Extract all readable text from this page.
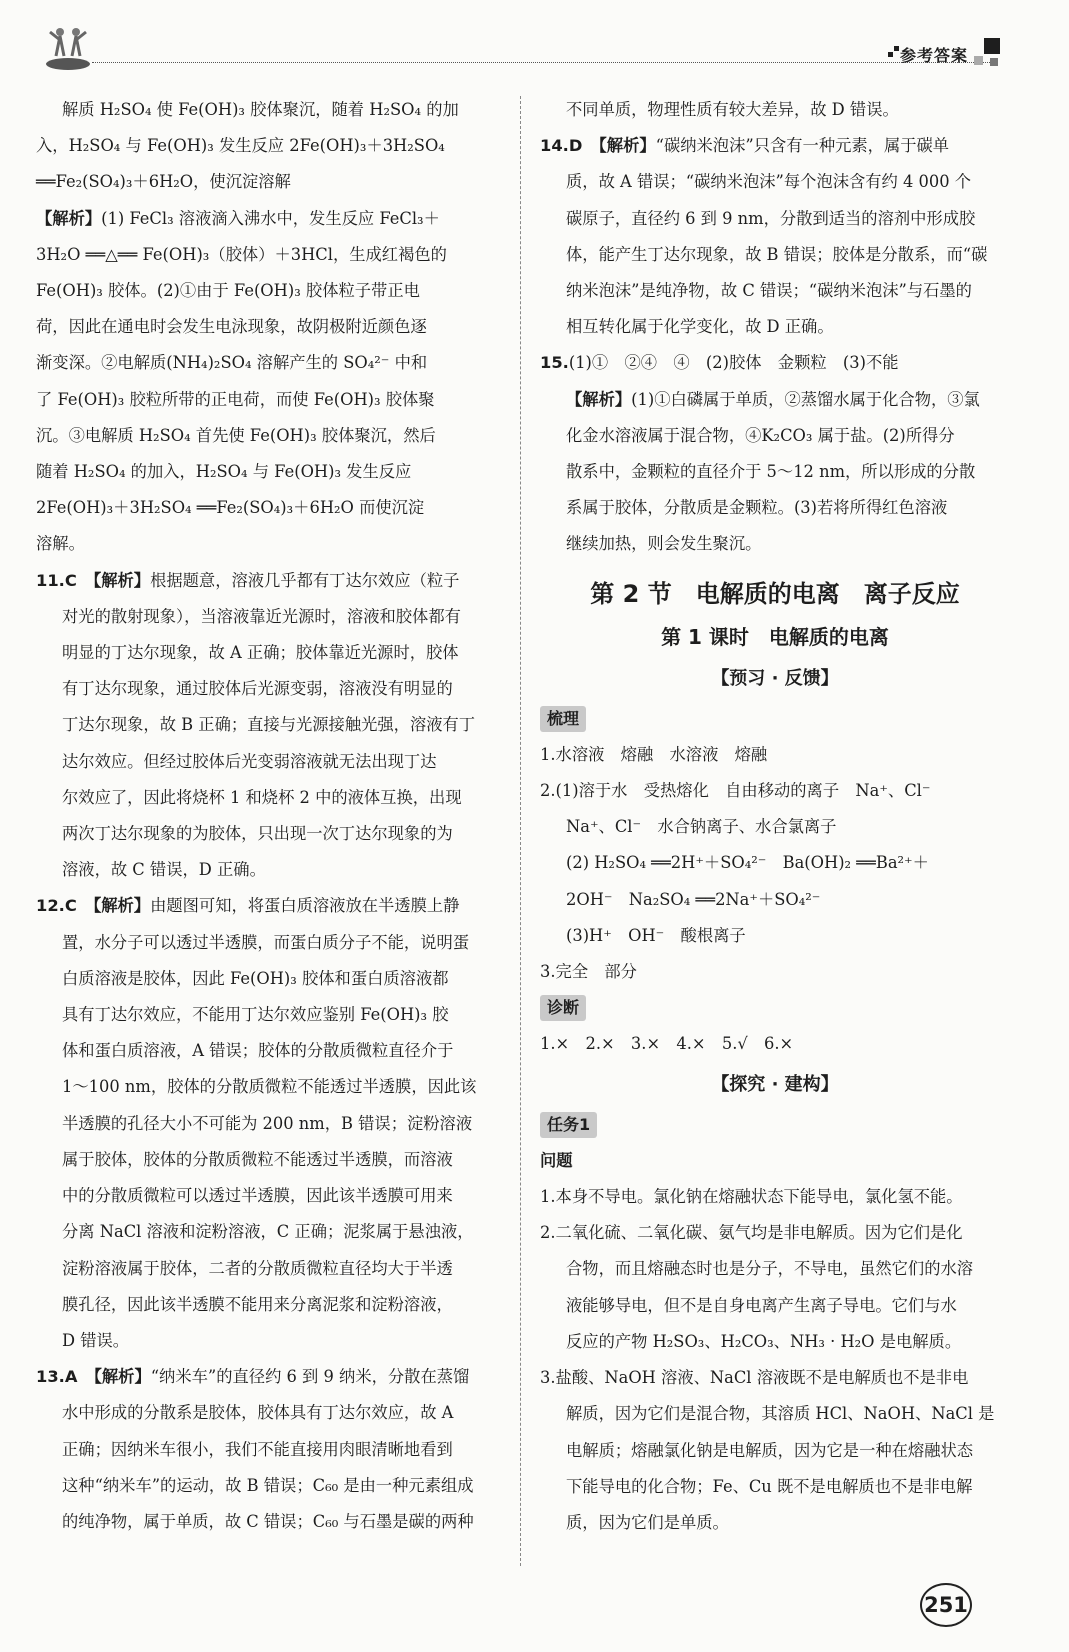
参考答案

解质 H₂SO₄ 使 Fe(OH)₃ 胶体聚沉，随着 H₂SO₄ 的加

入，H₂SO₄ 与 Fe(OH)₃ 发生反应 2Fe(OH)₃＋3H₂SO₄

══Fe₂(SO₄)₃＋6H₂O，使沉淀溶解

【解析】(1) FeCl₃ 溶液滴入沸水中，发生反应 FeCl₃＋

3H₂O ══△══ Fe(OH)₃（胶体）＋3HCl，生成红褐色的

Fe(OH)₃ 胶体。(2)①由于 Fe(OH)₃ 胶体粒子带正电

荷，因此在通电时会发生电泳现象，故阴极附近颜色逐

渐变深。②电解质(NH₄)₂SO₄ 溶解产生的 SO₄²⁻ 中和

了 Fe(OH)₃ 胶粒所带的正电荷，而使 Fe(OH)₃ 胶体聚

沉。③电解质 H₂SO₄ 首先使 Fe(OH)₃ 胶体聚沉，然后

随着 H₂SO₄ 的加入，H₂SO₄ 与 Fe(OH)₃ 发生反应

2Fe(OH)₃＋3H₂SO₄ ══Fe₂(SO₄)₃＋6H₂O 而使沉淀

溶解。

11.C　 【解析】根据题意，溶液几乎都有丁达尔效应（粒子

对光的散射现象），当溶液靠近光源时，溶液和胶体都有

明显的丁达尔现象，故 A 正确；胶体靠近光源时，胶体

有丁达尔现象，通过胶体后光源变弱，溶液没有明显的

丁达尔现象，故 B 正确；直接与光源接触光强，溶液有丁

达尔效应。但经过胶体后光变弱溶液就无法出现丁达

尔效应了，因此将烧杯 1 和烧杯 2 中的液体互换，出现

两次丁达尔现象的为胶体，只出现一次丁达尔现象的为

溶液，故 C 错误，D 正确。

12.C　 【解析】由题图可知，将蛋白质溶液放在半透膜上静

置，水分子可以透过半透膜，而蛋白质分子不能，说明蛋

白质溶液是胶体，因此 Fe(OH)₃ 胶体和蛋白质溶液都

具有丁达尔效应，不能用丁达尔效应鉴别 Fe(OH)₃ 胶

体和蛋白质溶液，A 错误；胶体的分散质微粒直径介于

1～100 nm，胶体的分散质微粒不能透过半透膜，因此该

半透膜的孔径大小不可能为 200 nm，B 错误；淀粉溶液

属于胶体，胶体的分散质微粒不能透过半透膜，而溶液

中的分散质微粒可以透过半透膜，因此该半透膜可用来

分离 NaCl 溶液和淀粉溶液，C 正确；泥浆属于悬浊液，

淀粉溶液属于胶体，二者的分散质微粒直径均大于半透

膜孔径，因此该半透膜不能用来分离泥浆和淀粉溶液，

D 错误。

13.A　 【解析】“纳米车”的直径约 6 到 9 纳米，分散在蒸馏

水中形成的分散系是胶体，胶体具有丁达尔效应，故 A

正确；因纳米车很小，我们不能直接用肉眼清晰地看到

这种“纳米车”的运动，故 B 错误；C₆₀ 是由一种元素组成

的纯净物，属于单质，故 C 错误；C₆₀ 与石墨是碳的两种

不同单质，物理性质有较大差异，故 D 错误。

14.D　 【解析】“碳纳米泡沫”只含有一种元素，属于碳单

质，故 A 错误；“碳纳米泡沫”每个泡沫含有约 4 000 个

碳原子，直径约 6 到 9 nm，分散到适当的溶剂中形成胶

体，能产生丁达尔现象，故 B 错误；胶体是分散系，而“碳

纳米泡沫”是纯净物，故 C 错误；“碳纳米泡沫”与石墨的

相互转化属于化学变化，故 D 正确。

15.(1)①　②④　④　(2)胶体　金颗粒　(3)不能

【解析】(1)①白磷属于单质，②蒸馏水属于化合物，③氯

化金水溶液属于混合物，④K₂CO₃ 属于盐。(2)所得分

散系中，金颗粒的直径介于 5～12 nm，所以形成的分散

系属于胶体，分散质是金颗粒。(3)若将所得红色溶液

继续加热，则会发生聚沉。

第 2 节　电解质的电离　离子反应
第 1 课时　电解质的电离
【预习 · 反馈】
梳理

1.水溶液　熔融　水溶液　熔融

2.(1)溶于水　受热熔化　自由移动的离子　Na⁺、Cl⁻

Na⁺、Cl⁻　水合钠离子、水合氯离子

(2) H₂SO₄ ══2H⁺＋SO₄²⁻　Ba(OH)₂ ══Ba²⁺＋

2OH⁻　Na₂SO₄ ══2Na⁺＋SO₄²⁻

(3)H⁺　OH⁻　酸根离子

3.完全　部分

诊断

1.×　2.×　3.×　4.×　5.√　6.×

【探究 · 建构】
任务1

问题

1.本身不导电。氯化钠在熔融状态下能导电，氯化氢不能。

2.二氧化硫、二氧化碳、氨气均是非电解质。因为它们是化

合物，而且熔融态时也是分子，不导电，虽然它们的水溶

液能够导电，但不是自身电离产生离子导电。它们与水

反应的产物 H₂SO₃、H₂CO₃、NH₃ · H₂O 是电解质。

3.盐酸、NaOH 溶液、NaCl 溶液既不是电解质也不是非电

解质，因为它们是混合物，其溶质 HCl、NaOH、NaCl 是

电解质；熔融氯化钠是电解质，因为它是一种在熔融状态

下能导电的化合物；Fe、Cu 既不是电解质也不是非电解

质，因为它们是单质。

251
